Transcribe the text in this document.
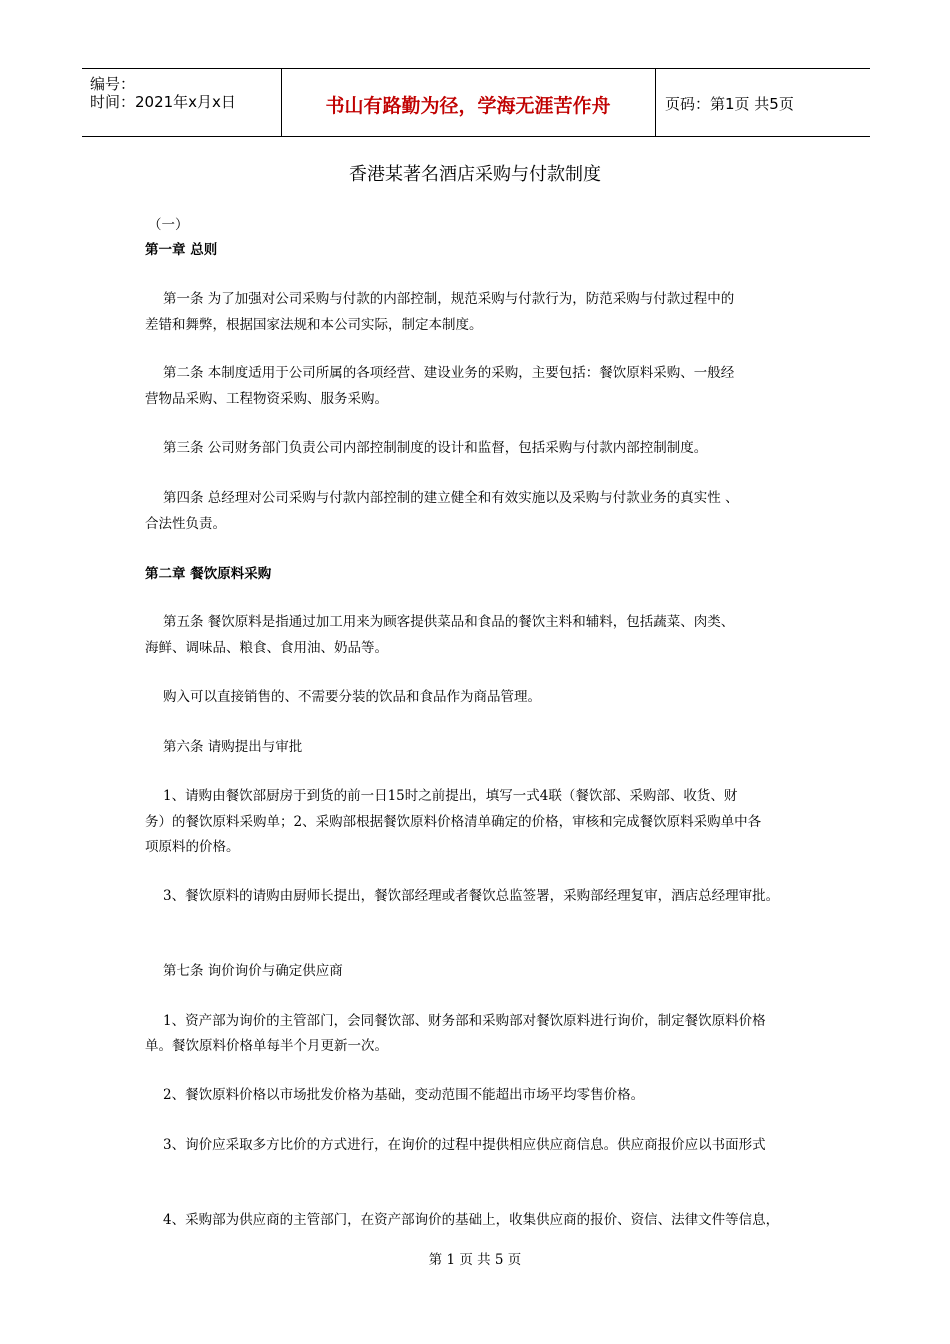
编号：
时间：2021年x月x日	书山有路勤为径，学海无涯苦作舟	页码：第1页 共5页
香港某著名酒店采购与付款制度
（一）
第一章 总则
第一条 为了加强对公司采购与付款的内部控制，规范采购与付款行为，防范采购与付款过程中的
差错和舞弊，根据国家法规和本公司实际，制定本制度。
第二条 本制度适用于公司所属的各项经营、建设业务的采购，主要包括：餐饮原料采购、一般经
营物品采购、工程物资采购、服务采购。
第三条 公司财务部门负责公司内部控制制度的设计和监督，包括采购与付款内部控制制度。
第四条 总经理对公司采购与付款内部控制的建立健全和有效实施以及采购与付款业务的真实性 、
合法性负责。
第二章 餐饮原料采购
第五条 餐饮原料是指通过加工用来为顾客提供菜品和食品的餐饮主料和辅料，包括蔬菜、肉类、
海鲜、调味品、粮食、食用油、奶品等。
购入可以直接销售的、不需要分装的饮品和食品作为商品管理。
第六条 请购提出与审批
1、请购由餐饮部厨房于到货的前一日15时之前提出，填写一式4联（餐饮部、采购部、收货、财
务）的餐饮原料采购单；2、采购部根据餐饮原料价格清单确定的价格，审核和完成餐饮原料采购单中各
项原料的价格。
3、餐饮原料的请购由厨师长提出，餐饮部经理或者餐饮总监签署，采购部经理复审，酒店总经理审批。
第七条 询价询价与确定供应商
1、资产部为询价的主管部门，会同餐饮部、财务部和采购部对餐饮原料进行询价，制定餐饮原料价格
单。餐饮原料价格单每半个月更新一次。
2、餐饮原料价格以市场批发价格为基础，变动范围不能超出市场平均零售价格。
3、询价应采取多方比价的方式进行，在询价的过程中提供相应供应商信息。供应商报价应以书面形式
4、采购部为供应商的主管部门，在资产部询价的基础上，收集供应商的报价、资信、法律文件等信息，
第 1 页 共 5 页
